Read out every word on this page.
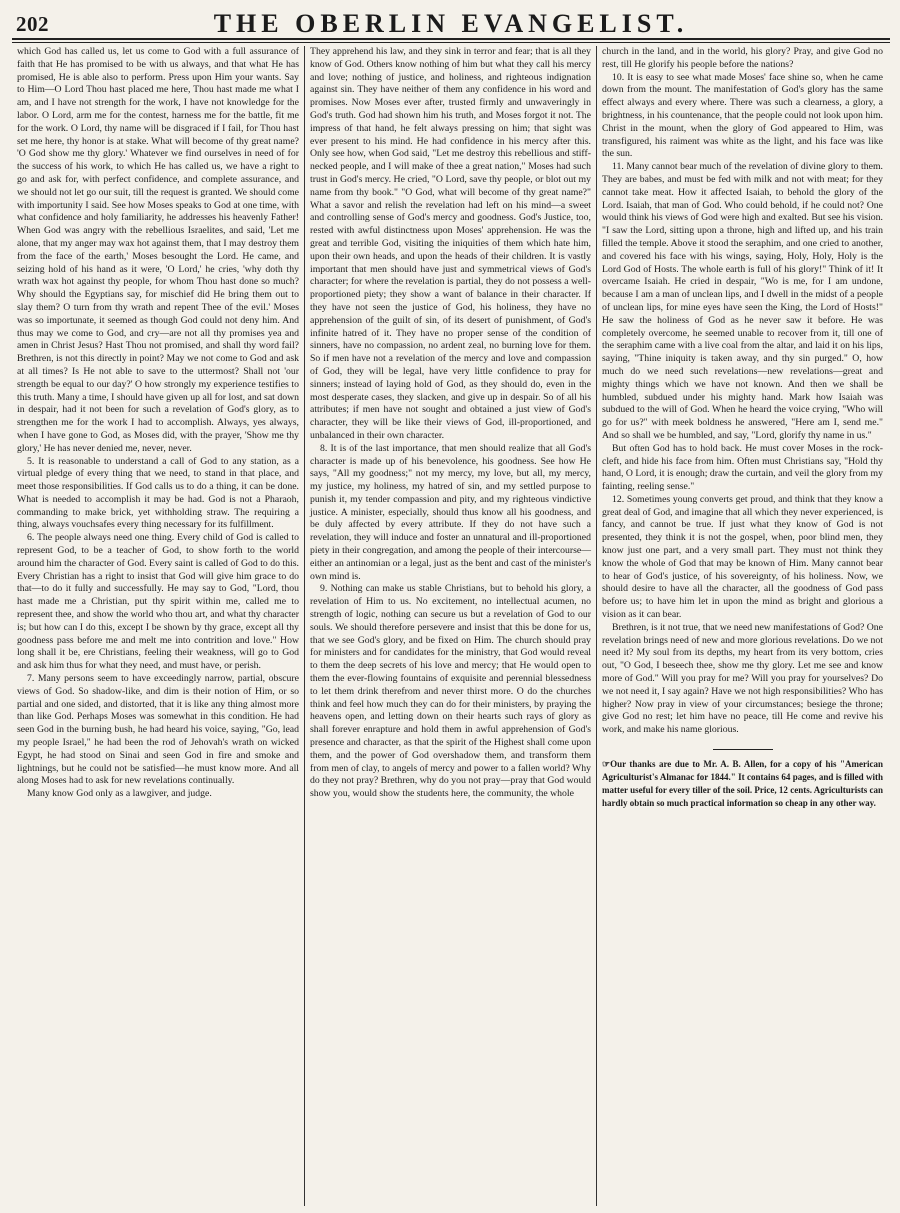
202	THE OBERLIN EVANGELIST.

which God has called us, let us come to God with a full assurance of faith that He has promised to be with us always, and that what He has promised, He is able also to perform. Press upon Him your wants. Say to Him—O Lord Thou hast placed me here, Thou hast made me what I am, and I have not strength for the work, I have not knowledge for the labor. O Lord, arm me for the contest, harness me for the battle, fit me for the work. O Lord, thy name will be disgraced if I fail, for Thou hast set me here, thy honor is at stake. What will become of thy great name? 'O God show me thy glory.' Whatever we find ourselves in need of for the success of his work, to which He has called us, we have a right to go and ask for, with perfect confidence, and complete assurance, and we should not let go our suit, till the request is granted. We should come with importunity I said. See how Moses speaks to God at one time, with what confidence and holy familiarity, he addresses his heavenly Father! When God was angry with the rebellious Israelites, and said, 'Let me alone, that my anger may wax hot against them, that I may destroy them from the face of the earth,' Moses besought the Lord. He came, and seizing hold of his hand as it were, 'O Lord,' he cries, 'why doth thy wrath wax hot against thy people, for whom Thou hast done so much? Why should the Egyptians say, for mischief did He bring them out to slay them? O turn from thy wrath and repent Thee of the evil.' Moses was so importunate, it seemed as though God could not deny him. And thus may we come to God, and cry—are not all thy promises yea and amen in Christ Jesus? Hast Thou not promised, and shall thy word fail? Brethren, is not this directly in point? May we not come to God and ask at all times? Is He not able to save to the uttermost? Shall not 'our strength be equal to our day?' O how strongly my experience testifies to this truth. Many a time, I should have given up all for lost, and sat down in despair, had it not been for such a revelation of God's glory, as to strengthen me for the work I had to accomplish. Always, yes always, when I have gone to God, as Moses did, with the prayer, 'Show me thy glory,' He has never denied me, never, never.

5. It is reasonable to understand a call of God to any station, as a virtual pledge of every thing that we need, to stand in that place, and meet those responsibilities. If God calls us to do a thing, it can be done. What is needed to accomplish it may be had. God is not a Pharaoh, commanding to make brick, yet withholding straw. The requiring a thing, always vouchsafes every thing necessary for its fulfillment.

6. The people always need one thing. Every child of God is called to represent God, to be a teacher of God, to show forth to the world around him the character of God. Every saint is called of God to do this. Every Christian has a right to insist that God will give him grace to do that—to do it fully and successfully. He may say to God, "Lord, thou hast made me a Christian, put thy spirit within me, called me to represent thee, and show the world who thou art, and what thy character is; but how can I do this, except I be shown by thy grace, except all thy goodness pass before me and melt me into contrition and love." How long shall it be, ere Christians, feeling their weakness, will go to God and ask him thus for what they need, and must have, or perish.

7. Many persons seem to have exceedingly narrow, partial, obscure views of God. So shadow-like, and dim is their notion of Him, or so partial and one sided, and distorted, that it is like any thing almost more than like God. Perhaps Moses was somewhat in this condition. He had seen God in the burning bush, he had heard his voice, saying, "Go, lead my people Israel," he had been the rod of Jehovah's wrath on wicked Egypt, he had stood on Sinai and seen God in fire and smoke and lightnings, but he could not be satisfied—he must know more. And all along Moses had to ask for new revelations continually.

Many know God only as a lawgiver, and judge.

They apprehend his law, and they sink in terror and fear; that is all they know of God. Others know nothing of him but what they call his mercy and love; nothing of justice, and holiness, and righteous indignation against sin. They have neither of them any confidence in his word and promises. Now Moses ever after, trusted firmly and unwaveringly in God's truth. God had shown him his truth, and Moses forgot it not. The impress of that hand, he felt always pressing on him; that sight was ever present to his mind. He had confidence in his mercy after this. Only see how, when God said, "Let me destroy this rebellious and stiff-necked people, and I will make of thee a great nation," Moses had such trust in God's mercy. He cried, "O Lord, save thy people, or blot out my name from thy book." "O God, what will become of thy great name?" What a savor and relish the revelation had left on his mind—a sweet and controlling sense of God's mercy and goodness. God's Justice, too, rested with awful distinctness upon Moses' apprehension. He was the great and terrible God, visiting the iniquities of them which hate him, upon their own heads, and upon the heads of their children. It is vastly important that men should have just and symmetrical views of God's character; for where the revelation is partial, they do not possess a well-proportioned piety; they show a want of balance in their character. If they have not seen the justice of God, his holiness, they have no apprehension of the guilt of sin, of its desert of punishment, of God's infinite hatred of it. They have no proper sense of the condition of sinners, have no compassion, no ardent zeal, no burning love for them. So if men have not a revelation of the mercy and love and compassion of God, they will be legal, have very little confidence to pray for sinners; instead of laying hold of God, as they should do, even in the most desperate cases, they slacken, and give up in despair. So of all his attributes; if men have not sought and obtained a just view of God's character, they will be like their views of God, ill-proportioned, and unbalanced in their own character.

8. It is of the last importance, that men should realize that all God's character is made up of his benevolence, his goodness. See how He says, "All my goodness;" not my mercy, my love, but all, my mercy, my justice, my holiness, my hatred of sin, and my settled purpose to punish it, my tender compassion and pity, and my righteous vindictive justice. A minister, especially, should thus know all his goodness, and be duly affected by every attribute. If they do not have such a revelation, they will induce and foster an unnatural and ill-proportioned piety in their congregation, and among the people of their intercourse—either an antinomian or a legal, just as the bent and cast of the minister's own mind is.

9. Nothing can make us stable Christians, but to behold his glory, a revelation of Him to us. No excitement, no intellectual acumen, no strength of logic, nothing can secure us but a revelation of God to our souls. We should therefore persevere and insist that this be done for us, that we see God's glory, and be fixed on Him. The church should pray for ministers and for candidates for the ministry, that God would reveal to them the deep secrets of his love and mercy; that He would open to them the ever-flowing fountains of exquisite and perennial blessedness to let them drink therefrom and never thirst more. O do the churches think and feel how much they can do for their ministers, by praying the heavens open, and letting down on their hearts such rays of glory as shall forever enrapture and hold them in awful apprehension of God's presence and character, as that the spirit of the Highest shall come upon them, and the power of God overshadow them, and transform them from men of clay, to angels of mercy and power to a fallen world? Why do they not pray? Brethren, why do you not pray—pray that God would show you, would show the students here, the community, the whole

church in the land, and in the world, his glory? Pray, and give God no rest, till He glorify his people before the nations?

10. It is easy to see what made Moses' face shine so, when he came down from the mount. The manifestation of God's glory has the same effect always and every where. There was such a clearness, a glory, a brightness, in his countenance, that the people could not look upon him. Christ in the mount, when the glory of God appeared to Him, was transfigured, his raiment was white as the light, and his face was like the sun.

11. Many cannot bear much of the revelation of divine glory to them. They are babes, and must be fed with milk and not with meat; for they cannot take meat. How it affected Isaiah, to behold the glory of the Lord. Isaiah, that man of God. Who could behold, if he could not? One would think his views of God were high and exalted. But see his vision. "I saw the Lord, sitting upon a throne, high and lifted up, and his train filled the temple. Above it stood the seraphim, and one cried to another, and covered his face with his wings, saying, Holy, Holy, Holy is the Lord God of Hosts. The whole earth is full of his glory!" Think of it! It overcame Isaiah. He cried in despair, "Wo is me, for I am undone, because I am a man of unclean lips, and I dwell in the midst of a people of unclean lips, for mine eyes have seen the King, the Lord of Hosts!" He saw the holiness of God as he never saw it before. He was completely overcome, he seemed unable to recover from it, till one of the seraphim came with a live coal from the altar, and laid it on his lips, saying, "Thine iniquity is taken away, and thy sin purged." O, how much do we need such revelations—new revelations—great and mighty things which we have not known. And then we shall be humbled, subdued under his mighty hand. Mark how Isaiah was subdued to the will of God. When he heard the voice crying, "Who will go for us?" with meek boldness he answered, "Here am I, send me." And so shall we be humbled, and say, "Lord, glorify thy name in us."

But often God has to hold back. He must cover Moses in the rock-cleft, and hide his face from him. Often must Christians say, "Hold thy hand, O Lord, it is enough; draw the curtain, and veil the glory from my fainting, reeling sense."

12. Sometimes young converts get proud, and think that they know a great deal of God, and imagine that all which they never experienced, is fancy, and cannot be true. If just what they know of God is not presented, they think it is not the gospel, when, poor blind men, they know just one part, and a very small part. They must not think they know the whole of God that may be known of Him. Many cannot bear to hear of God's justice, of his sovereignty, of his holiness. Now, we should desire to have all the character, all the goodness of God pass before us; to have him let in upon the mind as bright and glorious a vision as it can bear.

Brethren, is it not true, that we need new manifestations of God? One revelation brings need of new and more glorious revelations. Do we not need it? My soul from its depths, my heart from its very bottom, cries out, "O God, I beseech thee, show me thy glory. Let me see and know more of God." Will you pray for me? Will you pray for yourselves? Do we not need it, I say again? Have we not high responsibilities? Who has higher? Now pray in view of your circumstances; besiege the throne; give God no rest; let him have no peace, till He come and revive his work, and make his name glorious.

☞Our thanks are due to Mr. A. B. Allen, for a copy of his "American Agriculturist's Almanac for 1844." It contains 64 pages, and is filled with matter useful for every tiller of the soil. Price, 12 cents. Agriculturists can hardly obtain so much practical information so cheap in any other way.
